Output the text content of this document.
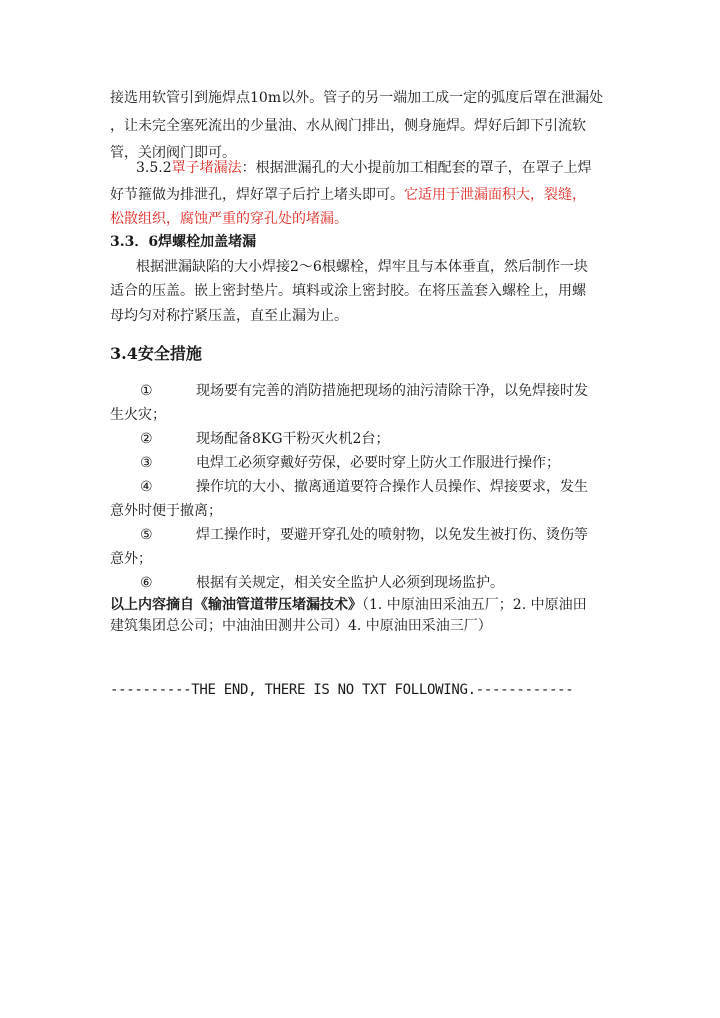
接选用软管引到施焊点10m以外。管子的另一端加工成一定的弧度后罩在泄漏处
，让未完全塞死流出的少量油、水从阀门排出，侧身施焊。焊好后卸下引流软
管，关闭阀门即可。
3.5.2罩子堵漏法：根据泄漏孔的大小提前加工相配套的罩子，在罩子上焊
好节箍做为排泄孔，焊好罩子后拧上堵头即可。它适用于泄漏面积大，裂缝，
松散组织，腐蚀严重的穿孔处的堵漏。
3.3．6焊螺栓加盖堵漏
根据泄漏缺陷的大小焊接2～6根螺栓，焊牢且与本体垂直，然后制作一块
适合的压盖。嵌上密封垫片。填料或涂上密封胶。在将压盖套入螺栓上，用螺
母均匀对称拧紧压盖，直至止漏为止。
3.4安全措施
①	现场要有完善的消防措施把现场的油污清除干净，以免焊接时发
生火灾；
②	现场配备8KG干粉灭火机2台；
③	电焊工必须穿戴好劳保，必要时穿上防火工作服进行操作；
④	操作坑的大小、撤离通道要符合操作人员操作、焊接要求，发生
意外时便于撤离；
⑤	焊工操作时，要避开穿孔处的喷射物，以免发生被打伤、烫伤等
意外；
⑥	根据有关规定，相关安全监护人必须到现场监护。
以上内容摘自《输油管道带压堵漏技术》（1. 中原油田采油五厂；2. 中原油田
建筑集团总公司；中油油田测井公司）4. 中原油田采油三厂）
----------THE END, THERE IS NO TXT FOLLOWING.------------
